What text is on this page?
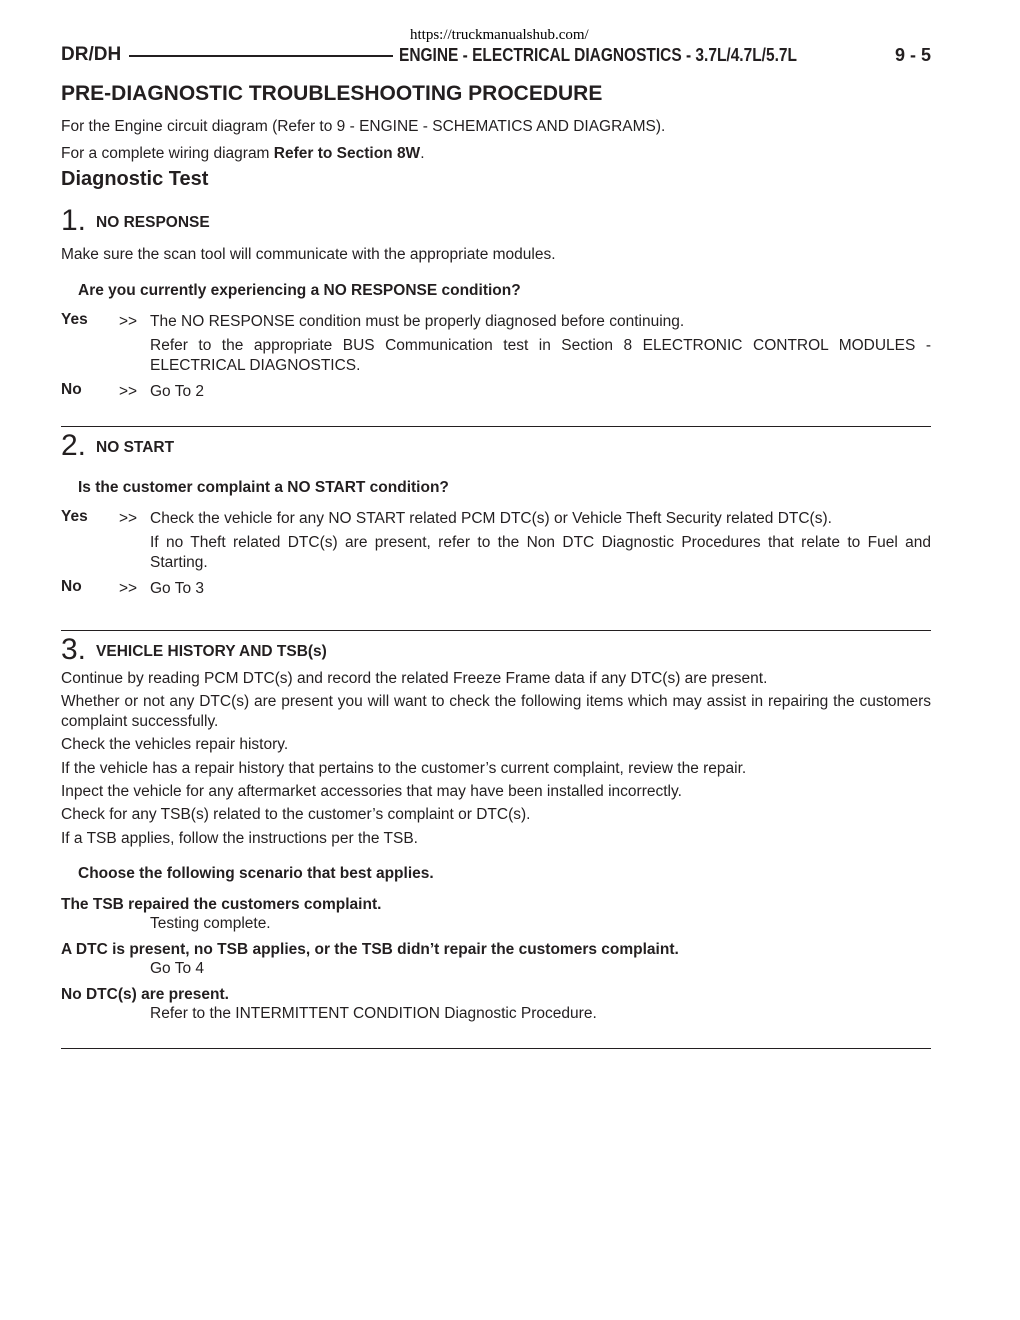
https://truckmanualshub.com/
DR/DH	ENGINE - ELECTRICAL DIAGNOSTICS - 3.7L/4.7L/5.7L	9 - 5
PRE-DIAGNOSTIC TROUBLESHOOTING PROCEDURE
For the Engine circuit diagram (Refer to 9 - ENGINE - SCHEMATICS AND DIAGRAMS).
For a complete wiring diagram Refer to Section 8W.
Diagnostic Test
1. NO RESPONSE
Make sure the scan tool will communicate with the appropriate modules.
Are you currently experiencing a NO RESPONSE condition?
Yes >> The NO RESPONSE condition must be properly diagnosed before continuing.
Refer to the appropriate BUS Communication test in Section 8 ELECTRONIC CONTROL MODULES - ELECTRICAL DIAGNOSTICS.
No >> Go To 2
2. NO START
Is the customer complaint a NO START condition?
Yes >> Check the vehicle for any NO START related PCM DTC(s) or Vehicle Theft Security related DTC(s).
If no Theft related DTC(s) are present, refer to the Non DTC Diagnostic Procedures that relate to Fuel and Starting.
No >> Go To 3
3. VEHICLE HISTORY AND TSB(s)
Continue by reading PCM DTC(s) and record the related Freeze Frame data if any DTC(s) are present.
Whether or not any DTC(s) are present you will want to check the following items which may assist in repairing the customers complaint successfully.
Check the vehicles repair history.
If the vehicle has a repair history that pertains to the customer’s current complaint, review the repair.
Inpect the vehicle for any aftermarket accessories that may have been installed incorrectly.
Check for any TSB(s) related to the customer’s complaint or DTC(s).
If a TSB applies, follow the instructions per the TSB.
Choose the following scenario that best applies.
The TSB repaired the customers complaint.
Testing complete.
A DTC is present, no TSB applies, or the TSB didn’t repair the customers complaint.
Go To 4
No DTC(s) are present.
Refer to the INTERMITTENT CONDITION Diagnostic Procedure.
